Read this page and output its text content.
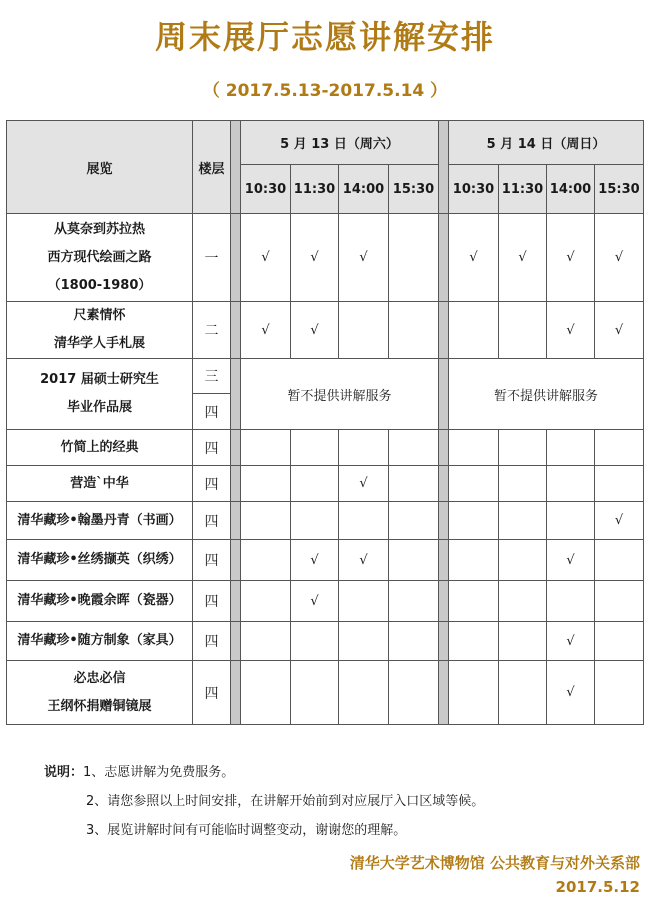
周末展厅志愿讲解安排
（ 2017.5.13-2017.5.14 ）
展览	楼层		5 月 13 日（周六）					5 月 14 日（周日）			
			10:30	11:30	14:00	15:30		10:30	11:30	14:00	15:30

从莫奈到苏拉热
西方现代绘画之路
（1800-1980）	一		√	√	√			√	√	√	√

尺素情怀
清华学人手札展	二		√	√						√	√

2017 届硕士研究生
毕业作品展	三		暂不提供讲解服务					暂不提供讲解服务			
	四										

竹简上的经典	四										

营造`中华	四				√						

清华藏珍•翰墨丹青（书画）	四										√

清华藏珍•丝绣撷英（织绣）	四			√	√					√	

清华藏珍•晚霞余晖（瓷器）	四			√							

清华藏珍•随方制象（家具）	四									√	

必忠必信
王纲怀捐赠铜镜展	四									√	
说明：1、志愿讲解为免费服务。
2、请您参照以上时间安排，在讲解开始前到对应展厅入口区域等候。
3、展览讲解时间有可能临时调整变动，谢谢您的理解。
清华大学艺术博物馆 公共教育与对外关系部
2017.5.12
